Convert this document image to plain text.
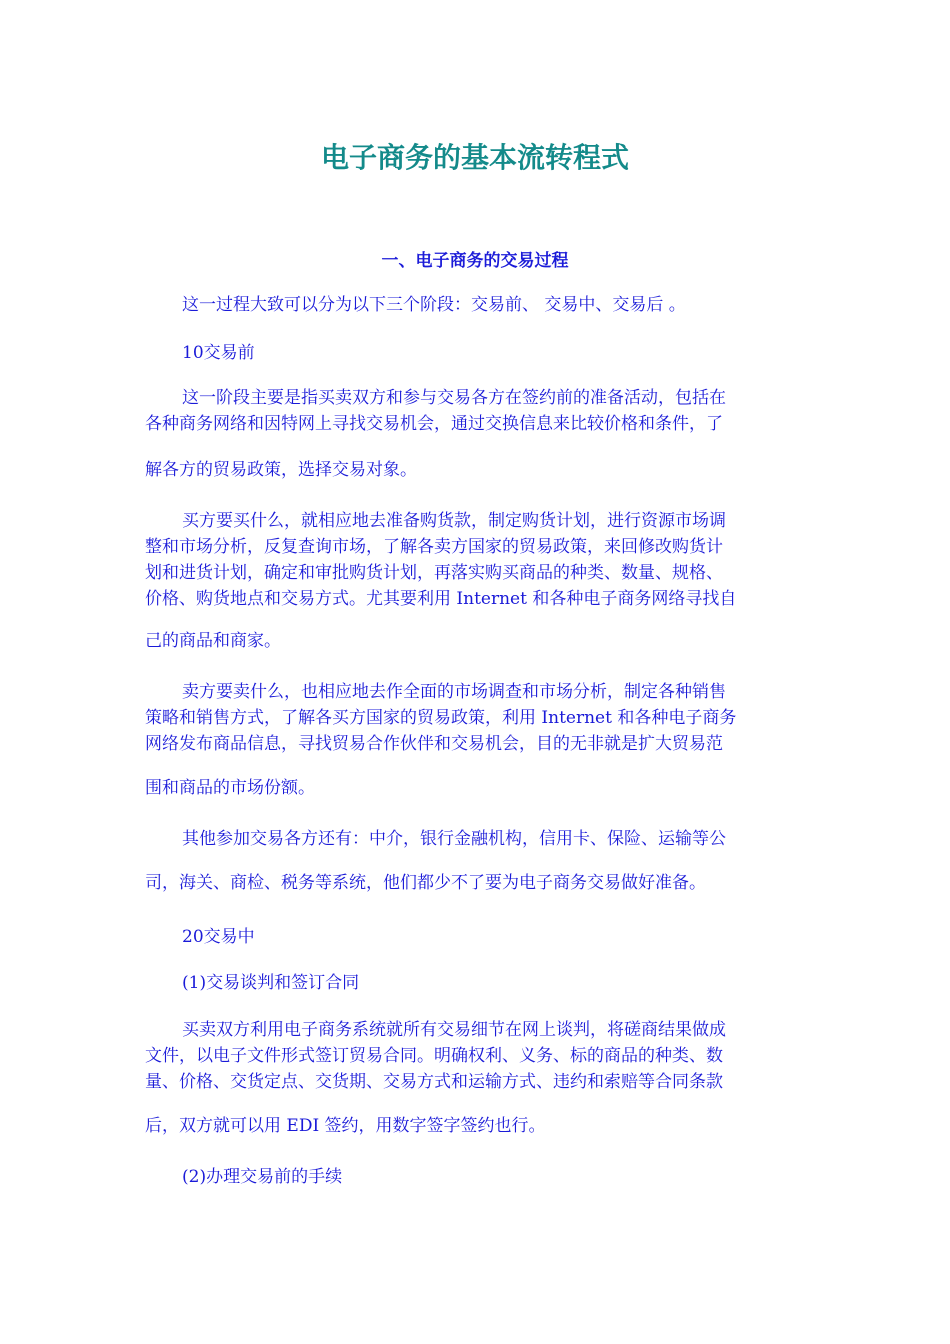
电子商务的基本流转程式
一、电子商务的交易过程
这一过程大致可以分为以下三个阶段：交易前、 交易中、交易后 。
10交易前
这一阶段主要是指买卖双方和参与交易各方在签约前的准备活动，包括在
各种商务网络和因特网上寻找交易机会，通过交换信息来比较价格和条件，了
解各方的贸易政策，选择交易对象。
买方要买什么，就相应地去准备购货款，制定购货计划，进行资源市场调
整和市场分析，反复查询市场，了解各卖方国家的贸易政策，来回修改购货计
划和进货计划，确定和审批购货计划，再落实购买商品的种类、数量、规格、
价格、购货地点和交易方式。尤其要利用 Internet 和各种电子商务网络寻找自
己的商品和商家。
卖方要卖什么，也相应地去作全面的市场调查和市场分析，制定各种销售
策略和销售方式，了解各买方国家的贸易政策，利用 Internet 和各种电子商务
网络发布商品信息，寻找贸易合作伙伴和交易机会，目的无非就是扩大贸易范
围和商品的市场份额。
其他参加交易各方还有：中介，银行金融机构，信用卡、保险、运输等公
司，海关、商检、税务等系统，他们都少不了要为电子商务交易做好准备。
20交易中
(1)交易谈判和签订合同
买卖双方利用电子商务系统就所有交易细节在网上谈判，将磋商结果做成
文件，以电子文件形式签订贸易合同。明确权利、义务、标的商品的种类、数
量、价格、交货定点、交货期、交易方式和运输方式、违约和索赔等合同条款
后，双方就可以用 EDI 签约，用数字签字签约也行。
(2)办理交易前的手续
